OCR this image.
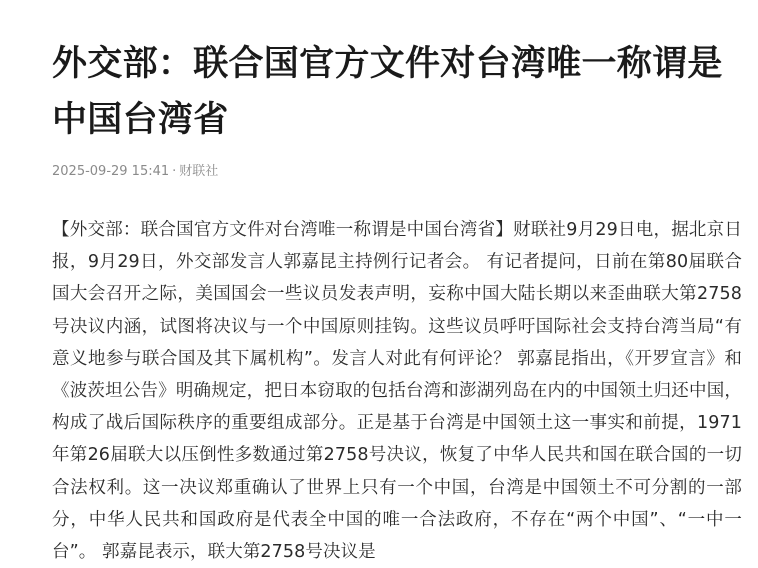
外交部：联合国官方文件对台湾唯一称谓是中国台湾省
2025-09-29 15:41 · 财联社

【外交部：联合国官方文件对台湾唯一称谓是中国台湾省】财联社9月29日电，据北京日报，9月29日，外交部发言人郭嘉昆主持例行记者会。 有记者提问，日前在第80届联合国大会召开之际，美国国会一些议员发表声明，妄称中国大陆长期以来歪曲联大第2758号决议内涵，试图将决议与一个中国原则挂钩。这些议员呼吁国际社会支持台湾当局“有意义地参与联合国及其下属机构”。发言人对此有何评论？ 郭嘉昆指出，《开罗宣言》和《波茨坦公告》明确规定，把日本窃取的包括台湾和澎湖列岛在内的中国领土归还中国，构成了战后国际秩序的重要组成部分。正是基于台湾是中国领土这一事实和前提，1971年第26届联大以压倒性多数通过第2758号决议，恢复了中华人民共和国在联合国的一切合法权利。这一决议郑重确认了世界上只有一个中国，台湾是中国领土不可分割的一部分，中华人民共和国政府是代表全中国的唯一合法政府，不存在“两个中国”、“一中一台”。 郭嘉昆表示，联大第2758号决议是
